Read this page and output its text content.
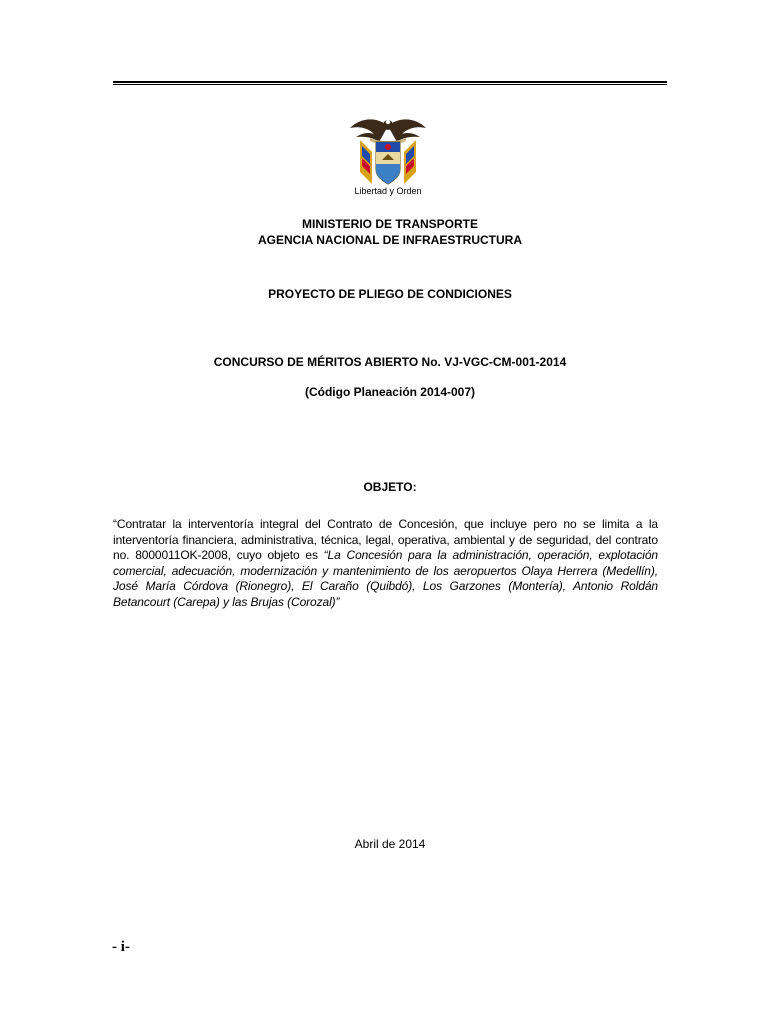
Libertad y Orden
MINISTERIO DE TRANSPORTE
AGENCIA NACIONAL DE INFRAESTRUCTURA
PROYECTO DE PLIEGO DE CONDICIONES
CONCURSO DE MÉRITOS ABIERTO No. VJ-VGC-CM-001-2014
(Código Planeación 2014-007)
OBJETO:
“Contratar la interventoría integral del Contrato de Concesión, que incluye pero no se limita a la interventoría financiera, administrativa, técnica, legal, operativa, ambiental y de seguridad, del contrato no. 8000011OK-2008, cuyo objeto es “La Concesión para la administración, operación, explotación comercial, adecuación, modernización y mantenimiento de los aeropuertos Olaya Herrera (Medellín), José María Córdova (Rionegro), El Caraño (Quibdó), Los Garzones (Montería), Antonio Roldán Betancourt (Carepa) y las Brujas (Corozal)”
Abril de 2014
- i-
